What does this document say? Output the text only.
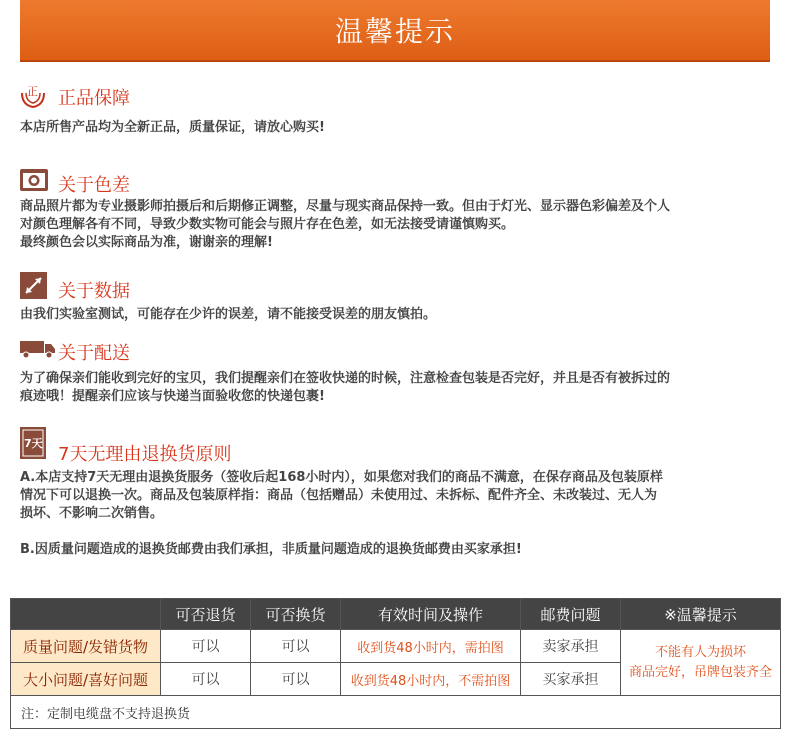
温馨提示
正 正品保障

本店所售产品均为全新正品，质量保证，请放心购买!

关于色差

商品照片都为专业摄影师拍摄后和后期修正调整，尽量与现实商品保持一致。但由于灯光、显示器色彩偏差及个人

对颜色理解各有不同，导致少数实物可能会与照片存在色差，如无法接受请谨慎购买。

最终颜色会以实际商品为准，谢谢亲的理解!

关于数据

由我们实验室测试，可能存在少许的误差，请不能接受误差的朋友慎拍。

关于配送

为了确保亲们能收到完好的宝贝，我们提醒亲们在签收快递的时候，注意检查包装是否完好，并且是否有被拆过的

痕迹哦！提醒亲们应该与快递当面验收您的快递包裹!

7天
7天无理由退换货原则

A.本店支持7天无理由退换货服务（签收后起168小时内），如果您对我们的商品不满意，在保存商品及包装原样

情况下可以退换一次。商品及包装原样指：商品（包括赠品）未使用过、未拆标、配件齐全、未改装过、无人为

损坏、不影响二次销售。

B.因质量问题造成的退换货邮费由我们承担，非质量问题造成的退换货邮费由买家承担!

	可否退货	可否换货	有效时间及操作	邮费问题	※温馨提示
质量问题/发错货物	可以	可以	收到货48小时内，需拍图	卖家承担	不能有人为损坏
商品完好，吊牌包装齐全

大小问题/喜好问题	可以	可以	收到货48小时内，不需拍图	买家承担	
注：定制电缆盘不支持退换货					
